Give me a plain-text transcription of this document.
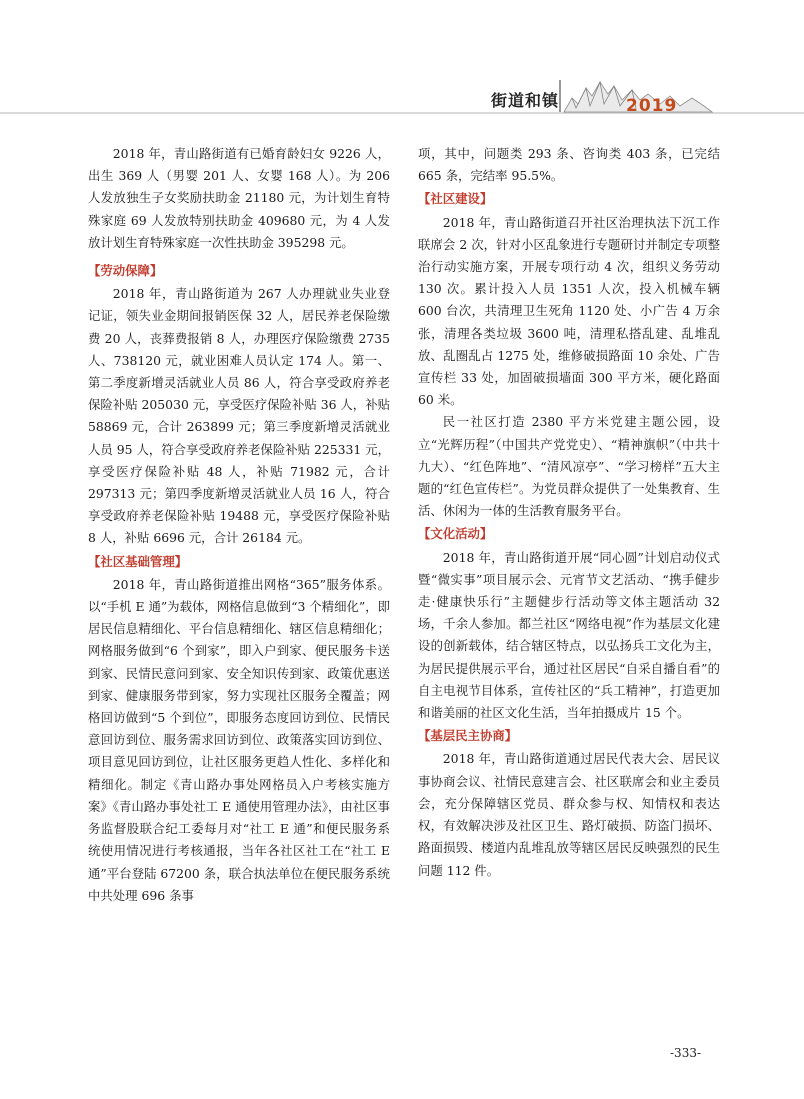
街道和镇	2019

2018 年，青山路街道有已婚育龄妇女 9226 人，出生 369 人（男婴 201 人、女婴 168 人）。为 206 人发放独生子女奖励扶助金 21180 元，为计划生育特殊家庭 69 人发放特别扶助金 409680 元，为 4 人发放计划生育特殊家庭一次性扶助金 395298 元。

【劳动保障】

2018 年，青山路街道为 267 人办理就业失业登记证，领失业金期间报销医保 32 人，居民养老保险缴费 20 人，丧葬费报销 8 人，办理医疗保险缴费 2735 人、738120 元，就业困难人员认定 174 人。第一、第二季度新增灵活就业人员 86 人，符合享受政府养老保险补贴 205030 元，享受医疗保险补贴 36 人，补贴 58869 元，合计 263899 元；第三季度新增灵活就业人员 95 人，符合享受政府养老保险补贴 225331 元，享受医疗保险补贴 48 人，补贴 71982 元，合计 297313 元；第四季度新增灵活就业人员 16 人，符合享受政府养老保险补贴 19488 元，享受医疗保险补贴 8 人，补贴 6696 元，合计 26184 元。

【社区基础管理】

2018 年，青山路街道推出网格“365”服务体系。以“手机 E 通”为载体，网格信息做到“3 个精细化”，即居民信息精细化、平台信息精细化、辖区信息精细化；网格服务做到“6 个到家”，即入户到家、便民服务卡送到家、民情民意问到家、安全知识传到家、政策优惠送到家、健康服务带到家，努力实现社区服务全覆盖；网格回访做到“5 个到位”，即服务态度回访到位、民情民意回访到位、服务需求回访到位、政策落实回访到位、项目意见回访到位，让社区服务更趋人性化、多样化和精细化。制定《青山路办事处网格员入户考核实施方案》《青山路办事处社工 E 通使用管理办法》，由社区事务监督股联合纪工委每月对“社工 E 通”和便民服务系统使用情况进行考核通报，当年各社区社工在“社工 E 通”平台登陆 67200 条，联合执法单位在便民服务系统中共处理 696 条事

项，其中，问题类 293 条、咨询类 403 条，已完结 665 条，完结率 95.5%。

【社区建设】

2018 年，青山路街道召开社区治理执法下沉工作联席会 2 次，针对小区乱象进行专题研讨并制定专项整治行动实施方案，开展专项行动 4 次，组织义务劳动 130 次。累计投入人员 1351 人次，投入机械车辆 600 台次，共清理卫生死角 1120 处、小广告 4 万余张，清理各类垃圾 3600 吨，清理私搭乱建、乱堆乱放、乱圈乱占 1275 处，维修破损路面 10 余处、广告宣传栏 33 处，加固破损墙面 300 平方米，硬化路面 60 米。

民一社区打造 2380 平方米党建主题公园，设立“光辉历程”（中国共产党党史）、“精神旗帜”（中共十九大）、“红色阵地”、“清风凉亭”、“学习榜样”五大主题的“红色宣传栏”。为党员群众提供了一处集教育、生活、休闲为一体的生活教育服务平台。

【文化活动】

2018 年，青山路街道开展“同心圆”计划启动仪式暨“微实事”项目展示会、元宵节文艺活动、“携手健步走·健康快乐行”主题健步行活动等文体主题活动 32 场，千余人参加。都兰社区“网络电视”作为基层文化建设的创新载体，结合辖区特点，以弘扬兵工文化为主，为居民提供展示平台，通过社区居民“自采自播自看”的自主电视节目体系，宣传社区的“兵工精神”，打造更加和谐美丽的社区文化生活，当年拍摄成片 15 个。

【基层民主协商】

2018 年，青山路街道通过居民代表大会、居民议事协商会议、社情民意建言会、社区联席会和业主委员会，充分保障辖区党员、群众参与权、知情权和表达权，有效解决涉及社区卫生、路灯破损、防盗门损坏、路面损毁、楼道内乱堆乱放等辖区居民反映强烈的民生问题 112 件。

-333-
